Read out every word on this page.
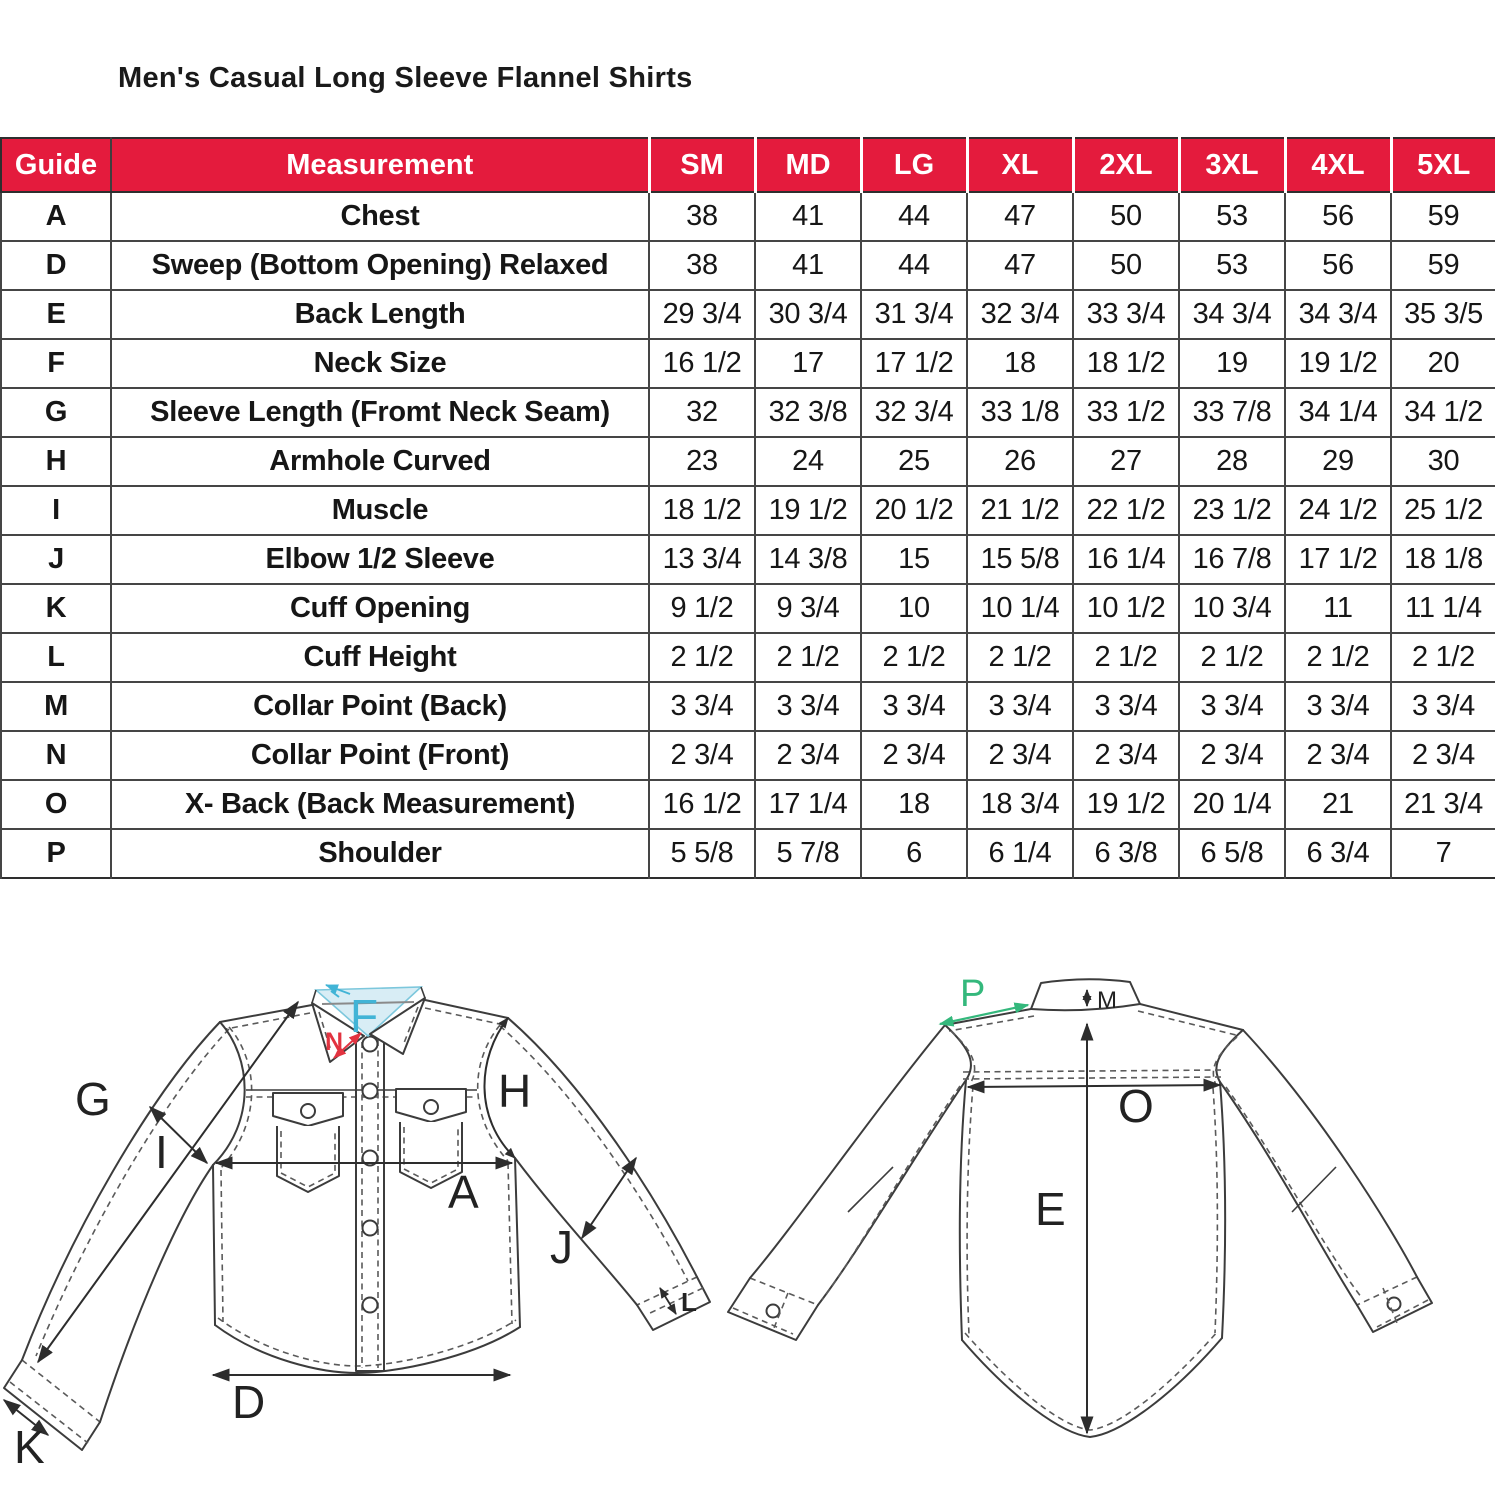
Men's Casual Long Sleeve Flannel Shirts
Guide	Measurement	SM	MD	LG	XL	2XL	3XL	4XL	5XL
A	Chest	38	41	44	47	50	53	56	59
D	Sweep (Bottom Opening) Relaxed	38	41	44	47	50	53	56	59
E	Back Length	29 3/4	30 3/4	31 3/4	32 3/4	33 3/4	34 3/4	34 3/4	35 3/5
F	Neck Size	16 1/2	17	17 1/2	18	18 1/2	19	19 1/2	20
G	Sleeve Length (Fromt Neck Seam)	32	32 3/8	32 3/4	33 1/8	33 1/2	33 7/8	34 1/4	34 1/2
H	Armhole Curved	23	24	25	26	27	28	29	30
I	Muscle	18 1/2	19 1/2	20 1/2	21 1/2	22 1/2	23 1/2	24 1/2	25 1/2
J	Elbow 1/2 Sleeve	13 3/4	14 3/8	15	15 5/8	16 1/4	16 7/8	17 1/2	18 1/8
K	Cuff Opening	9 1/2	9 3/4	10	10 1/4	10 1/2	10 3/4	11	11 1/4
L	Cuff Height	2 1/2	2 1/2	2 1/2	2 1/2	2 1/2	2 1/2	2 1/2	2 1/2
M	Collar Point (Back)	3 3/4	3 3/4	3 3/4	3 3/4	3 3/4	3 3/4	3 3/4	3 3/4
N	Collar Point (Front)	2 3/4	2 3/4	2 3/4	2 3/4	2 3/4	2 3/4	2 3/4	2 3/4
O	X- Back (Back Measurement)	16 1/2	17 1/4	18	18 3/4	19 1/2	20 1/4	21	21 3/4
P	Shoulder	5 5/8	5 7/8	6	6 1/4	6 3/8	6 5/8	6 3/4	7
G
I
A
H
J
K
L
D
F
N
M
P
O
E
